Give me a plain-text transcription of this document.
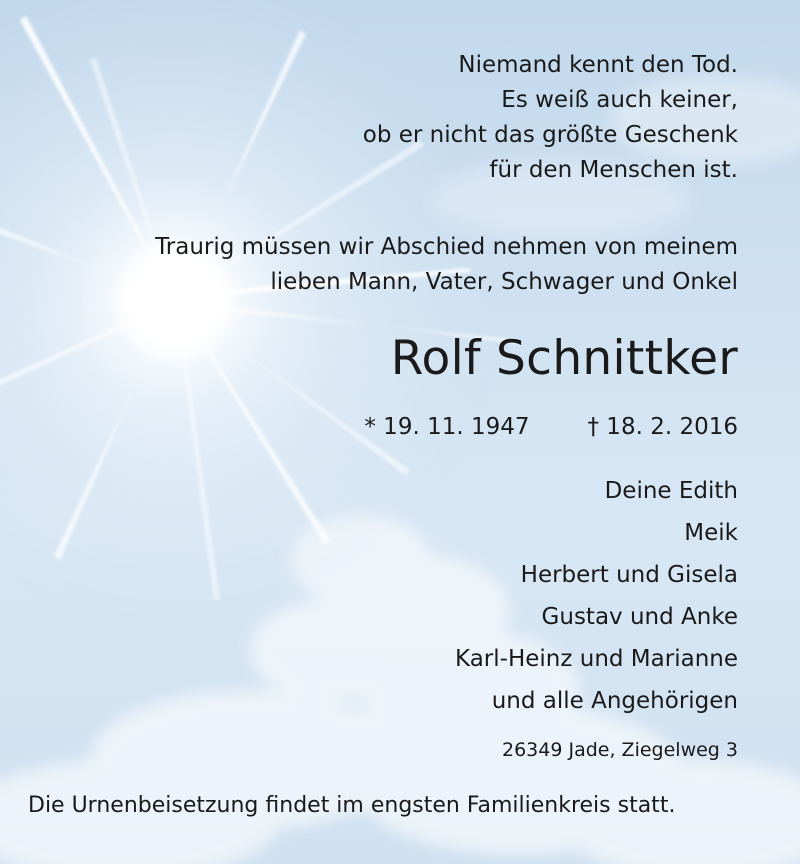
Niemand kennt den Tod.
Es weiß auch keiner,
ob er nicht das größte Geschenk
für den Menschen ist.

Traurig müssen wir Abschied nehmen von meinem
lieben Mann, Vater, Schwager und Onkel

Rolf Schnittker

* 19. 11. 1947	† 18. 2. 2016

Deine Edith
Meik
Herbert und Gisela
Gustav und Anke
Karl-Heinz und Marianne
und alle Angehörigen

26349 Jade, Ziegelweg 3

Die Urnenbeisetzung findet im engsten Familienkreis statt.
